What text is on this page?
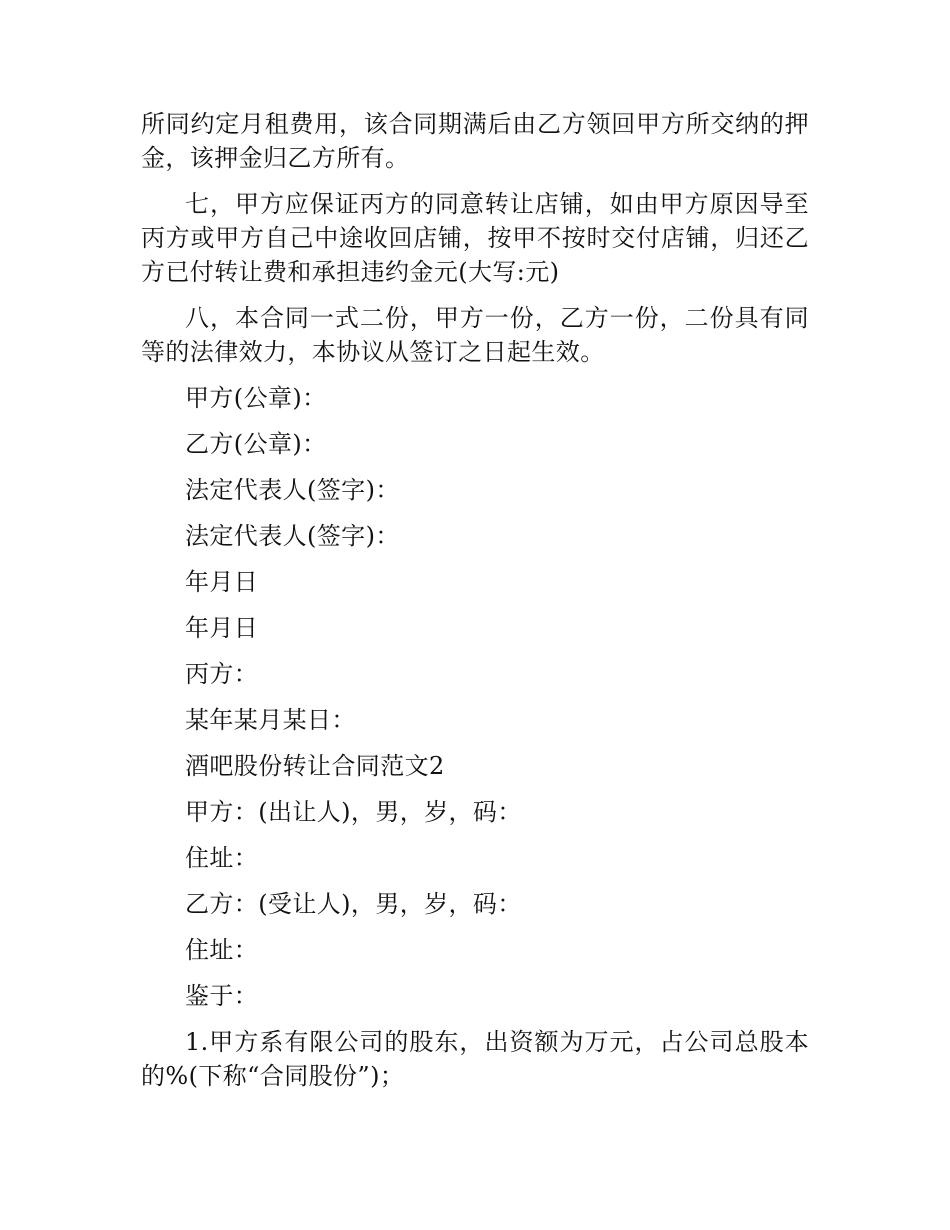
所同约定月租费用，该合同期满后由乙方领回甲方所交纳的押金，该押金归乙方所有。

七，甲方应保证丙方的同意转让店铺，如由甲方原因导至丙方或甲方自己中途收回店铺，按甲不按时交付店铺，归还乙方已付转让费和承担违约金元(大写:元)

八，本合同一式二份，甲方一份，乙方一份，二份具有同等的法律效力，本协议从签订之日起生效。

甲方(公章)：

乙方(公章)：

法定代表人(签字)：

法定代表人(签字)：

年月日

年月日

丙方：

某年某月某日：

酒吧股份转让合同范文2

甲方：(出让人)，男，岁，码：

住址：

乙方：(受让人)，男，岁，码：

住址：

鉴于：

1.甲方系有限公司的股东，出资额为万元，占公司总股本的%(下称“合同股份”)；
